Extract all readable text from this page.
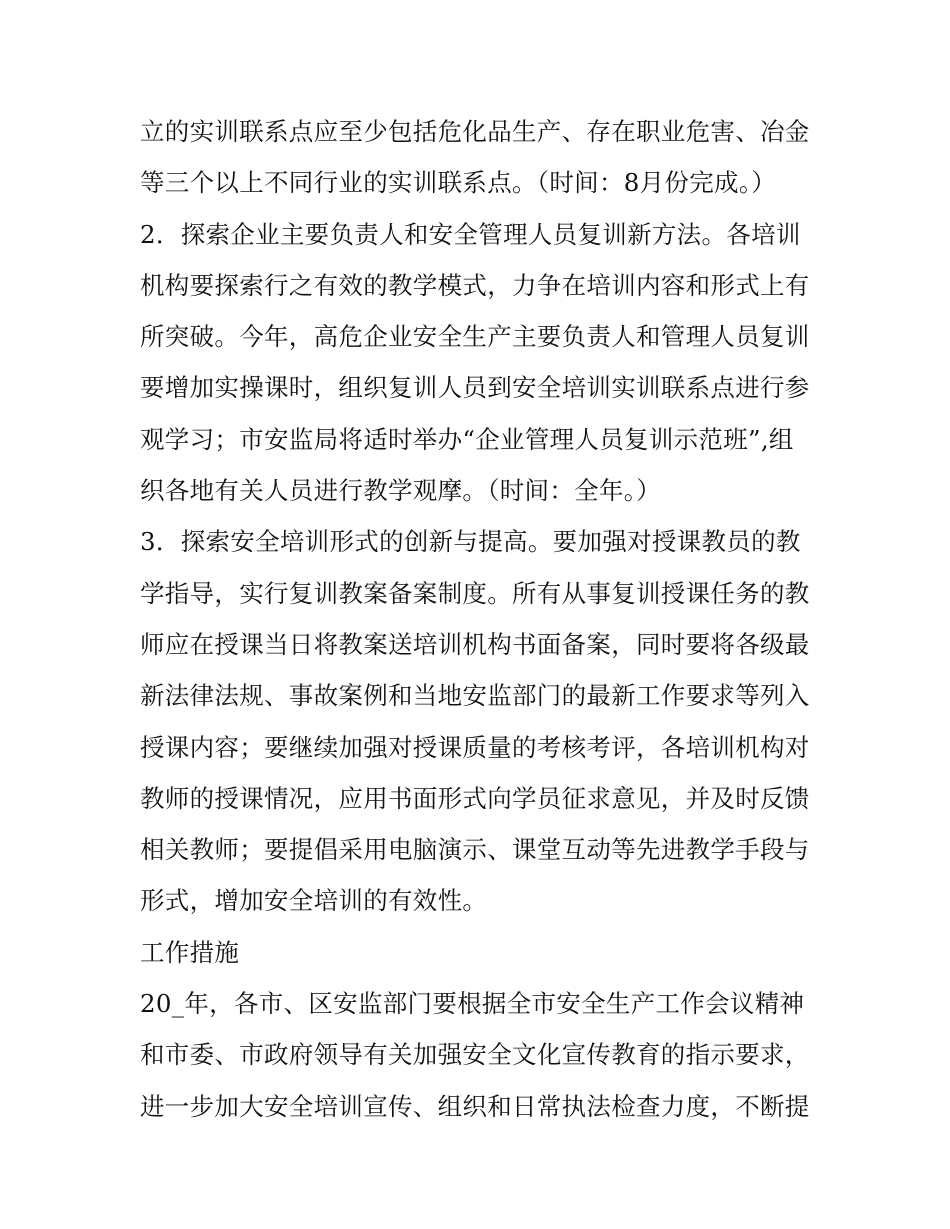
立的实训联系点应至少包括危化品生产、存在职业危害、冶金
等三个以上不同行业的实训联系点。（时间：8月份完成。）
2．探索企业主要负责人和安全管理人员复训新方法。各培训
机构要探索行之有效的教学模式，力争在培训内容和形式上有
所突破。今年，高危企业安全生产主要负责人和管理人员复训
要增加实操课时，组织复训人员到安全培训实训联系点进行参
观学习；市安监局将适时举办“企业管理人员复训示范班”,组
织各地有关人员进行教学观摩。（时间：全年。）
3．探索安全培训形式的创新与提高。要加强对授课教员的教
学指导，实行复训教案备案制度。所有从事复训授课任务的教
师应在授课当日将教案送培训机构书面备案，同时要将各级最
新法律法规、事故案例和当地安监部门的最新工作要求等列入
授课内容；要继续加强对授课质量的考核考评，各培训机构对
教师的授课情况，应用书面形式向学员征求意见，并及时反馈
相关教师；要提倡采用电脑演示、课堂互动等先进教学手段与
形式，增加安全培训的有效性。
工作措施
20_年，各市、区安监部门要根据全市安全生产工作会议精神
和市委、市政府领导有关加强安全文化宣传教育的指示要求，
进一步加大安全培训宣传、组织和日常执法检查力度，不断提
